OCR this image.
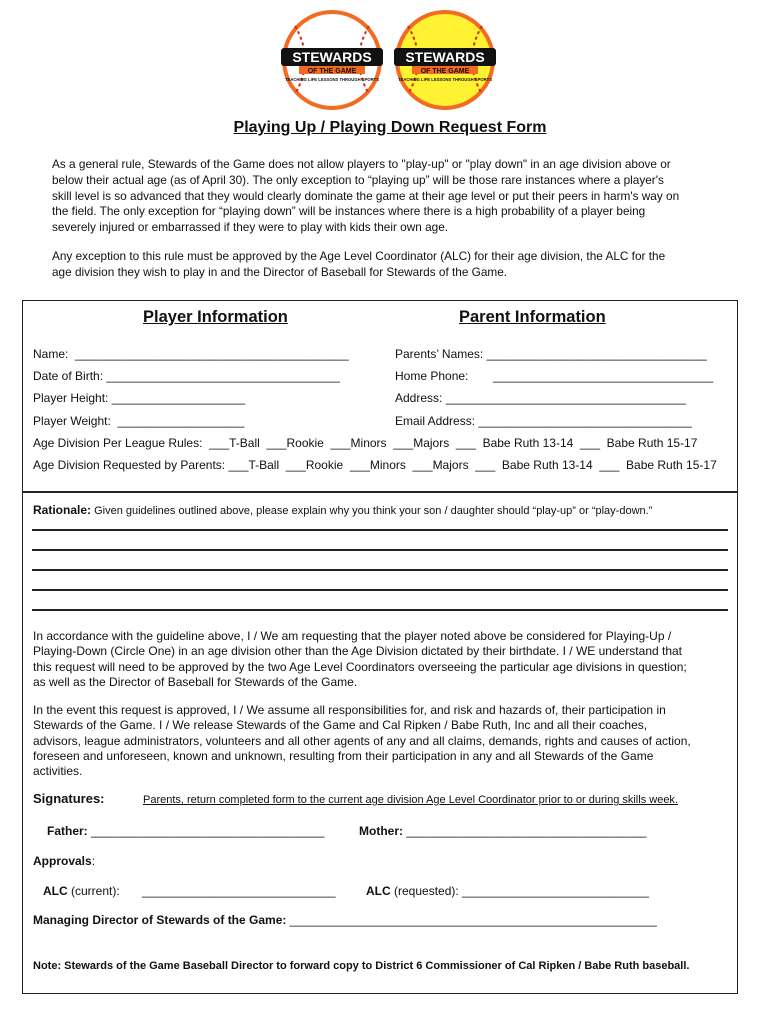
STEWARDS
OF THE GAME
TEACHING LIFE LESSONS THROUGH SPORTS
STEWARDS
OF THE GAME
TEACHING LIFE LESSONS THROUGH SPORTS
Playing Up / Playing Down Request Form
As a general rule, Stewards of the Game does not allow players to "play-up" or "play down" in an age division above or
below their actual age (as of April 30). The only exception to “playing up” will be those rare instances where a player's
skill level is so advanced that they would clearly dominate the game at their age level or put their peers in harm's way on
the field. The only exception for “playing down” will be instances where there is a high probability of a player being
severely injured or embarrassed if they were to play with kids their own age.
Any exception to this rule must be approved by the Age Level Coordinator (ALC) for their age division, the ALC for the
age division they wish to play in and the Director of Baseball for Stewards of the Game.
Player Information	Parent Information
Name:  _________________________________________
Date of Birth: ___________________________________
Player Height: ____________________
Player Weight:  ___________________
Parents’ Names: _________________________________
Home Phone: _________________________________
Address: ____________________________________
Email Address: ________________________________
Age Division Per League Rules:  ___T-Ball  ___Rookie  ___Minors  ___Majors  ___  Babe Ruth 13-14  ___  Babe Ruth 15-17
Age Division Requested by Parents: ___T-Ball  ___Rookie  ___Minors  ___Majors  ___  Babe Ruth 13-14  ___  Babe Ruth 15-17
Rationale: Given guidelines outlined above, please explain why you think your son / daughter should “play-up” or “play-down.”
In accordance with the guideline above, I / We am requesting that the player noted above be considered for Playing-Up /
Playing-Down (Circle One) in an age division other than the Age Division dictated by their birthdate. I / WE understand that
this request will need to be approved by the two Age Level Coordinators overseeing the particular age divisions in question;
as well as the Director of Baseball for Stewards of the Game.
In the event this request is approved, I / We assume all responsibilities for, and risk and hazards of, their participation in
Stewards of the Game. I / We release Stewards of the Game and Cal Ripken / Babe Ruth, Inc and all their coaches,
advisors, league administrators, volunteers and all other agents of any and all claims, demands, rights and causes of action,
foreseen and unforeseen, known and unknown, resulting from their participation in any and all Stewards of the Game
activities.
Signatures:	Parents, return completed form to the current age division Age Level Coordinator prior to or during skills week.
Father: ___________________________________	Mother: ____________________________________
Approvals:
ALC (current): _____________________________	ALC (requested): ____________________________
Managing Director of Stewards of the Game: _______________________________________________________
Note: Stewards of the Game Baseball Director to forward copy to District 6 Commissioner of Cal Ripken / Babe Ruth baseball.
